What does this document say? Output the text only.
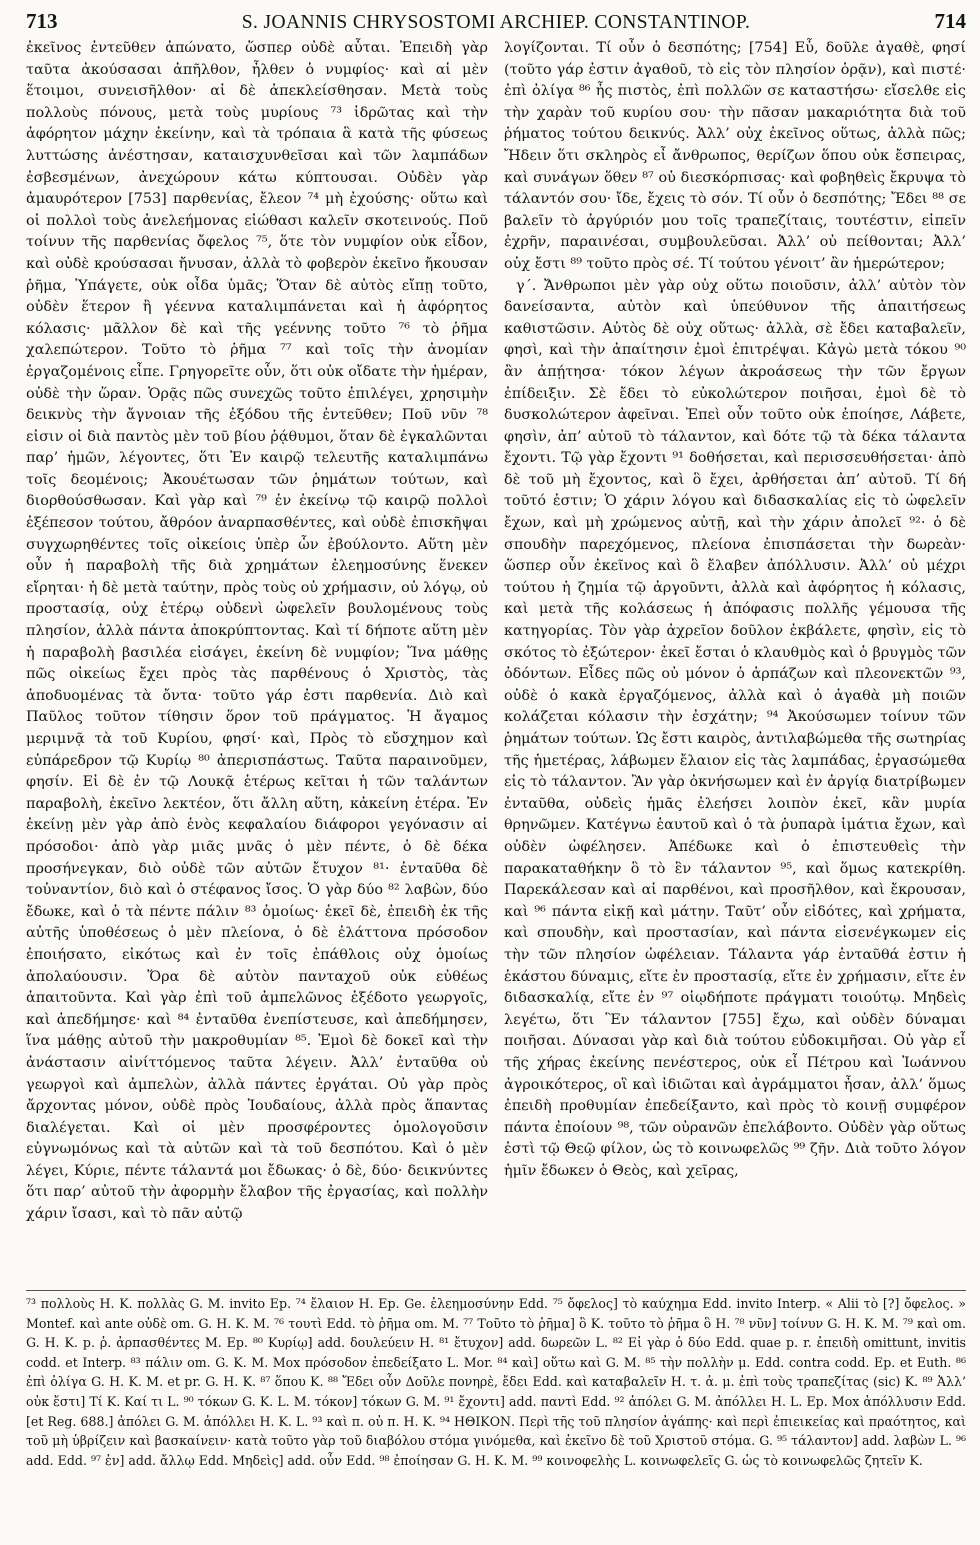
713	S. JOANNIS CHRYSOSTOMI ARCHIEP. CONSTANTINOP.	714

ἐκεῖνος ἐντεῦθεν ἀπώνατο, ὥσπερ οὐδὲ αὗται. Ἐπειδὴ γὰρ ταῦτα ἀκούσασαι ἀπῆλθον, ἦλθεν ὁ νυμφίος· καὶ αἱ μὲν ἕτοιμοι, συνεισῆλθον· αἱ δὲ ἀπεκλείσθησαν. Μετὰ τοὺς πολλοὺς πόνους, μετὰ τοὺς μυρίους ⁷³ ἱδρῶτας καὶ τὴν ἀφόρητον μάχην ἐκείνην, καὶ τὰ τρόπαια ἃ κατὰ τῆς φύσεως λυττώσης ἀνέστησαν, καταισχυνθεῖσαι καὶ τῶν λαμπάδων ἐσβεσμένων, ἀνεχώρουν κάτω κύπτουσαι. Οὐδὲν γὰρ ἀμαυρότερον [753] παρθενίας, ἔλεον ⁷⁴ μὴ ἐχούσης· οὕτω καὶ οἱ πολλοὶ τοὺς ἀνελεήμονας εἰώθασι καλεῖν σκοτεινούς. Ποῦ τοίνυν τῆς παρθενίας ὄφελος ⁷⁵, ὅτε τὸν νυμφίον οὐκ εἶδον, καὶ οὐδὲ κρούσασαι ἤνυσαν, ἀλλὰ τὸ φοβερὸν ἐκεῖνο ἤκουσαν ῥῆμα, Ὑπάγετε, οὐκ οἶδα ὑμᾶς; Ὅταν δὲ αὐτὸς εἴπῃ τοῦτο, οὐδὲν ἕτερον ἢ γέεννα καταλιμπάνεται καὶ ἡ ἀφόρητος κόλασις· μᾶλλον δὲ καὶ τῆς γεέννης τοῦτο ⁷⁶ τὸ ῥῆμα χαλεπώτερον. Τοῦτο τὸ ῥῆμα ⁷⁷ καὶ τοῖς τὴν ἀνομίαν ἐργαζομένοις εἶπε. Γρηγορεῖτε οὖν, ὅτι οὐκ οἴδατε τὴν ἡμέραν, οὐδὲ τὴν ὥραν. Ὁρᾷς πῶς συνεχῶς τοῦτο ἐπιλέγει, χρησιμὴν δεικνὺς τὴν ἄγνοιαν τῆς ἐξόδου τῆς ἐντεῦθεν; Ποῦ νῦν ⁷⁸ εἰσιν οἱ διὰ παντὸς μὲν τοῦ βίου ῥᾴθυμοι, ὅταν δὲ ἐγκαλῶνται παρ’ ἡμῶν, λέγοντες, ὅτι Ἐν καιρῷ τελευτῆς καταλιμπάνω τοῖς δεομένοις; Ἀκουέτωσαν τῶν ῥημάτων τούτων, καὶ διορθούσθωσαν. Καὶ γὰρ καὶ ⁷⁹ ἐν ἐκείνῳ τῷ καιρῷ πολλοὶ ἐξέπεσον τούτου, ἄθρόον ἀναρπασθέντες, καὶ οὐδὲ ἐπισκῆψαι συγχωρηθέντες τοῖς οἰκείοις ὑπὲρ ὧν ἐβούλοντο. Αὕτη μὲν οὖν ἡ παραβολὴ τῆς διὰ χρημάτων ἐλεημοσύνης ἕνεκεν εἴρηται· ἡ δὲ μετὰ ταύτην, πρὸς τοὺς οὐ χρήμασιν, οὐ λόγῳ, οὐ προστασίᾳ, οὐχ ἑτέρῳ οὐδενὶ ὠφελεῖν βουλομένους τοὺς πλησίον, ἀλλὰ πάντα ἀποκρύπτοντας. Καὶ τί δήποτε αὕτη μὲν ἡ παραβολὴ βασιλέα εἰσάγει, ἐκείνη δὲ νυμφίον; Ἵνα μάθῃς πῶς οἰκείως ἔχει πρὸς τὰς παρθένους ὁ Χριστὸς, τὰς ἀποδυομένας τὰ ὄντα· τοῦτο γάρ ἐστι παρθενία. Διὸ καὶ Παῦλος τοῦτον τίθησιν ὅρον τοῦ πράγματος. Ἡ ἄγαμος μεριμνᾷ τὰ τοῦ Κυρίου, φησί· καὶ, Πρὸς τὸ εὔσχημον καὶ εὐπάρεδρον τῷ Κυρίῳ ⁸⁰ ἀπερισπάστως. Ταῦτα παραινοῦμεν, φησίν. Εἰ δὲ ἐν τῷ Λουκᾷ ἑτέρως κεῖται ἡ τῶν ταλάντων παραβολὴ, ἐκεῖνο λεκτέον, ὅτι ἄλλη αὕτη, κἀκείνη ἑτέρα. Ἐν ἐκείνῃ μὲν γὰρ ἀπὸ ἑνὸς κεφαλαίου διάφοροι γεγόνασιν αἱ πρόσοδοι· ἀπὸ γὰρ μιᾶς μνᾶς ὁ μὲν πέντε, ὁ δὲ δέκα προσήνεγκαν, διὸ οὐδὲ τῶν αὐτῶν ἔτυχον ⁸¹· ἐνταῦθα δὲ τοὐναντίον, διὸ καὶ ὁ στέφανος ἴσος. Ὁ γὰρ δύο ⁸² λαβὼν, δύο ἔδωκε, καὶ ὁ τὰ πέντε πάλιν ⁸³ ὁμοίως· ἐκεῖ δὲ, ἐπειδὴ ἐκ τῆς αὐτῆς ὑποθέσεως ὁ μὲν πλείονα, ὁ δὲ ἐλάττονα πρόσοδον ἐποιήσατο, εἰκότως καὶ ἐν τοῖς ἐπάθλοις οὐχ ὁμοίως ἀπολαύουσιν. Ὅρα δὲ αὐτὸν πανταχοῦ οὐκ εὐθέως ἀπαιτοῦντα. Καὶ γὰρ ἐπὶ τοῦ ἀμπελῶνος ἐξέδοτο γεωργοῖς, καὶ ἀπεδήμησε· καὶ ⁸⁴ ἐνταῦθα ἐνεπίστευσε, καὶ ἀπεδήμησεν, ἵνα μάθῃς αὐτοῦ τὴν μακροθυμίαν ⁸⁵. Ἐμοὶ δὲ δοκεῖ καὶ τὴν ἀνάστασιν αἰνίττόμενος ταῦτα λέγειν. Ἀλλ’ ἐνταῦθα οὐ γεωργοὶ καὶ ἀμπελὼν, ἀλλὰ πάντες ἐργάται. Οὐ γὰρ πρὸς ἄρχοντας μόνον, οὐδὲ πρὸς Ἰουδαίους, ἀλλὰ πρὸς ἅπαντας διαλέγεται. Καὶ οἱ μὲν προσφέροντες ὁμολογοῦσιν εὐγνωμόνως καὶ τὰ αὐτῶν καὶ τὰ τοῦ δεσπότου. Καὶ ὁ μὲν λέγει, Κύριε, πέντε τάλαντά μοι ἔδωκας· ὁ δὲ, δύο· δεικνύντες ὅτι παρ’ αὐτοῦ τὴν ἀφορμὴν ἔλαβον τῆς ἐργασίας, καὶ πολλὴν χάριν ἴσασι, καὶ τὸ πᾶν αὐτῷ

λογίζονται. Τί οὖν ὁ δεσπότης; [754] Εὖ, δοῦλε ἀγαθὲ, φησί (τοῦτο γάρ ἐστιν ἀγαθοῦ, τὸ εἰς τὸν πλησίον ὁρᾷν), καὶ πιστέ· ἐπὶ ὀλίγα ⁸⁶ ἦς πιστὸς, ἐπὶ πολλῶν σε καταστήσω· εἴσελθε εἰς τὴν χαρὰν τοῦ κυρίου σου· τὴν πᾶσαν μακαριότητα διὰ τοῦ ῥήματος τούτου δεικνύς. Ἀλλ’ οὐχ ἐκεῖνος οὕτως, ἀλλὰ πῶς; Ἤδειν ὅτι σκληρὸς εἶ ἄνθρωπος, θερίζων ὅπου οὐκ ἔσπειρας, καὶ συνάγων ὅθεν ⁸⁷ οὐ διεσκόρπισας· καὶ φοβηθεὶς ἔκρυψα τὸ τάλαντόν σου· ἴδε, ἔχεις τὸ σόν. Τί οὖν ὁ δεσπότης; Ἔδει ⁸⁸ σε βαλεῖν τὸ ἀργύριόν μου τοῖς τραπεζίταις, τουτέστιν, εἰπεῖν ἐχρῆν, παραινέσαι, συμβουλεῦσαι. Ἀλλ’ οὐ πείθονται; Ἀλλ’ οὐχ ἔστι ⁸⁹ τοῦτο πρὸς σέ. Τί τούτου γένοιτ’ ἂν ἡμερώτερον;

γ΄. Ἄνθρωποι μὲν γὰρ οὐχ οὕτω ποιοῦσιν, ἀλλ’ αὐτὸν τὸν δανείσαντα, αὐτὸν καὶ ὑπεύθυνον τῆς ἀπαιτήσεως καθιστῶσιν. Αὐτὸς δὲ οὐχ οὕτως· ἀλλὰ, σὲ ἔδει καταβαλεῖν, φησὶ, καὶ τὴν ἀπαίτησιν ἐμοὶ ἐπιτρέψαι. Κἀγὼ μετὰ τόκου ⁹⁰ ἂν ἀπῄτησα· τόκον λέγων ἀκροάσεως τὴν τῶν ἔργων ἐπίδειξιν. Σὲ ἔδει τὸ εὐκολώτερον ποιῆσαι, ἐμοὶ δὲ τὸ δυσκολώτερον ἀφεῖναι. Ἐπεὶ οὖν τοῦτο οὐκ ἐποίησε, Λάβετε, φησὶν, ἀπ’ αὐτοῦ τὸ τάλαντον, καὶ δότε τῷ τὰ δέκα τάλαντα ἔχοντι. Τῷ γὰρ ἔχοντι ⁹¹ δοθήσεται, καὶ περισσευθήσεται· ἀπὸ δὲ τοῦ μὴ ἔχοντος, καὶ ὃ ἔχει, ἀρθήσεται ἀπ’ αὐτοῦ. Τί δή τοῦτό ἐστιν; Ὁ χάριν λόγου καὶ διδασκαλίας εἰς τὸ ὠφελεῖν ἔχων, καὶ μὴ χρώμενος αὐτῇ, καὶ τὴν χάριν ἀπολεῖ ⁹²· ὁ δὲ σπουδὴν παρεχόμενος, πλείονα ἐπισπάσεται τὴν δωρεὰν· ὥσπερ οὖν ἐκεῖνος καὶ ὃ ἔλαβεν ἀπόλλυσιν. Ἀλλ’ οὐ μέχρι τούτου ἡ ζημία τῷ ἀργοῦντι, ἀλλὰ καὶ ἀφόρητος ἡ κόλασις, καὶ μετὰ τῆς κολάσεως ἡ ἀπόφασις πολλῆς γέμουσα τῆς κατηγορίας. Τὸν γὰρ ἀχρεῖον δοῦλον ἐκβάλετε, φησὶν, εἰς τὸ σκότος τὸ ἐξώτερον· ἐκεῖ ἔσται ὁ κλαυθμὸς καὶ ὁ βρυγμὸς τῶν ὀδόντων. Εἶδες πῶς οὐ μόνον ὁ ἁρπάζων καὶ πλεονεκτῶν ⁹³, οὐδὲ ὁ κακὰ ἐργαζόμενος, ἀλλὰ καὶ ὁ ἀγαθὰ μὴ ποιῶν κολάζεται κόλασιν τὴν ἐσχάτην; ⁹⁴ Ἀκούσωμεν τοίνυν τῶν ῥημάτων τούτων. Ὡς ἔστι καιρὸς, ἀντιλαβώμεθα τῆς σωτηρίας τῆς ἡμετέρας, λάβωμεν ἔλαιον εἰς τὰς λαμπάδας, ἐργασώμεθα εἰς τὸ τάλαντον. Ἂν γὰρ ὀκνήσωμεν καὶ ἐν ἀργίᾳ διατρίβωμεν ἐνταῦθα, οὐδεὶς ἡμᾶς ἐλεήσει λοιπὸν ἐκεῖ, κἂν μυρία θρηνῶμεν. Κατέγνω ἑαυτοῦ καὶ ὁ τὰ ῥυπαρὰ ἱμάτια ἔχων, καὶ οὐδὲν ὠφέλησεν. Ἀπέδωκε καὶ ὁ ἐπιστευθεὶς τὴν παρακαταθήκην ὃ τὸ ἓν τάλαντον ⁹⁵, καὶ ὅμως κατεκρίθη. Παρεκάλεσαν καὶ αἱ παρθένοι, καὶ προσῆλθον, καὶ ἔκρουσαν, καὶ ⁹⁶ πάντα εἰκῇ καὶ μάτην. Ταῦτ’ οὖν εἰδότες, καὶ χρήματα, καὶ σπουδὴν, καὶ προστασίαν, καὶ πάντα εἰσενέγκωμεν εἰς τὴν τῶν πλησίον ὠφέλειαν. Τάλαντα γάρ ἐνταῦθά ἐστιν ἡ ἑκάστου δύναμις, εἴτε ἐν προστασίᾳ, εἴτε ἐν χρήμασιν, εἴτε ἐν διδασκαλίᾳ, εἴτε ἐν ⁹⁷ οἱῳδήποτε πράγματι τοιούτῳ. Μηδεὶς λεγέτω, ὅτι Ἓν τάλαντον [755] ἔχω, καὶ οὐδὲν δύναμαι ποιῆσαι. Δύνασαι γὰρ καὶ διὰ τούτου εὐδοκιμῆσαι. Οὐ γὰρ εἶ τῆς χήρας ἐκείνης πενέστερος, οὐκ εἶ Πέτρου καὶ Ἰωάννου ἀγροικότερος, οἳ καὶ ἰδιῶται καὶ ἀγράμματοι ἦσαν, ἀλλ’ ὅμως ἐπειδὴ προθυμίαν ἐπεδείξαντο, καὶ πρὸς τὸ κοινῇ συμφέρον πάντα ἐποίουν ⁹⁸, τῶν οὐρανῶν ἐπελάβοντο. Οὐδὲν γὰρ οὕτως ἐστὶ τῷ Θεῷ φίλον, ὡς τὸ κοινωφελῶς ⁹⁹ ζῆν. Διὰ τοῦτο λόγον ἡμῖν ἔδωκεν ὁ Θεὸς, καὶ χεῖρας,

⁷³ πολλοὺς H. K. πολλὰς G. M. invito Ep. ⁷⁴ ἔλαιον H. Ep. Ge. ἐλεημοσύνην Edd. ⁷⁵ ὄφελος] τὸ καύχημα Edd. invito Interp. « Alii τὸ [?] ὄφελος. » Montef. καὶ ante οὐδὲ om. G. H. K. M. ⁷⁶ τουτὶ Edd. τὸ ῥῆμα om. M. ⁷⁷ Τοῦτο τὸ ῥῆμα] ὃ K. τοῦτο τὸ ῥῆμα ὃ H. ⁷⁸ νῦν] τοίνυν G. H. K. M. ⁷⁹ καὶ om. G. H. K. p. ῥ. ἀρπασθέντες M. Ep. ⁸⁰ Κυρίῳ] add. δουλεύειν H. ⁸¹ ἔτυχον] add. δωρεῶν L. ⁸² Εἰ γὰρ ὁ δύο Edd. quae p. r. ἐπειδὴ omittunt, invitis codd. et Interp. ⁸³ πάλιν om. G. K. M. Mox πρόσοδον ἐπεδείξατο L. Mor. ⁸⁴ καὶ] οὕτω καὶ G. M. ⁸⁵ τὴν πολλὴν μ. Edd. contra codd. Ep. et Euth. ⁸⁶ ἐπὶ ὀλίγα G. H. K. M. et pr. G. H. K. ⁸⁷ ὅπου K. ⁸⁸ Ἔδει οὖν Δοῦλε πονηρὲ, ἔδει Edd. καὶ καταβαλεῖν H. τ. ἀ. μ. ἐπὶ τοὺς τραπεζίτας (sic) K. ⁸⁹ Ἀλλ’ οὐκ ἔστι] Τί K. Καί τι L. ⁹⁰ τόκων G. K. L. M. τόκον] τόκων G. M. ⁹¹ ἔχοντι] add. παντὶ Edd. ⁹² ἀπόλει G. M. ἀπόλλει H. L. Ep. Mox ἀπόλλυσιν Edd. [et Reg. 688.] ἀπόλει G. M. ἀπόλλει H. K. L. ⁹³ καὶ π. οὐ π. H. K. ⁹⁴ ΗΘΙΚΟΝ. Περὶ τῆς τοῦ πλησίον ἀγάπης· καὶ περὶ ἐπιεικείας καὶ πραότητος, καὶ τοῦ μὴ ὑβρίζειν καὶ βασκαίνειν· κατὰ τοῦτο γὰρ τοῦ διαβόλου στόμα γινόμεθα, καὶ ἐκεῖνο δὲ τοῦ Χριστοῦ στόμα. G. ⁹⁵ τάλαντον] add. λαβὼν L. ⁹⁶ add. Edd. ⁹⁷ ἐν] add. ἄλλῳ Edd. Μηδεὶς] add. οὖν Edd. ⁹⁸ ἐποίησαν G. H. K. M. ⁹⁹ κοινοφελὴς L. κοινωφελεῖς G. ὡς τὸ κοινωφελῶς ζητεῖν K.
